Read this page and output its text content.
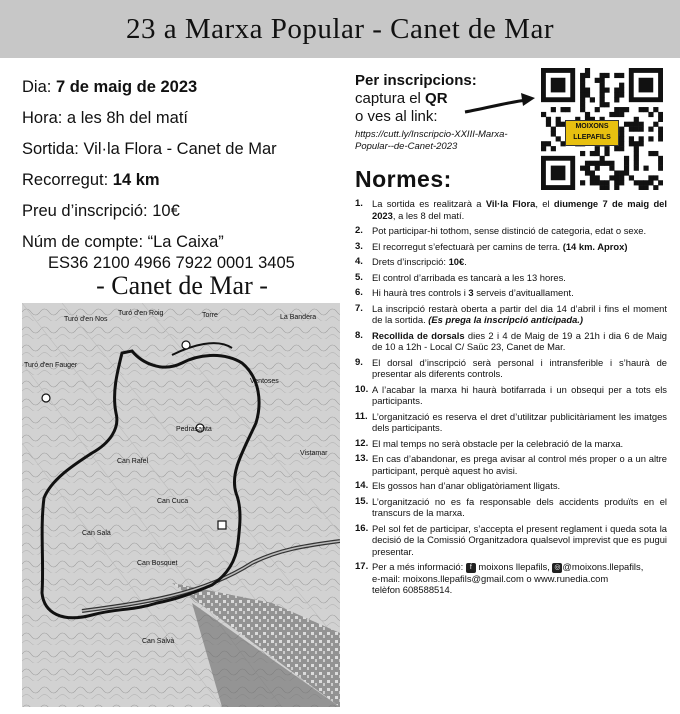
23 a Marxa Popular - Canet de Mar
Dia: 7 de maig de 2023
Hora: a les 8h del matí
Sortida: Vil·la Flora - Canet de Mar
Recorregut: 14 km
Preu d’inscripció: 10€
Núm de compte: “La Caixa”
ES36 2100 4966 7922 0001 3405
- Canet de Mar -
Turó d'en Nos
Turó d'en Roig	Torre	La Bandera
Turó d'en Fauger
Pedrasanta
Vistamar
Can Cuca
Can Rafel
Can Bosquet
Can Sala
Ventoses
Can Salvà
Per inscripcions:
captura el QR
o ves al link:
https://cutt.ly/Inscripcio-XXIII-Marxa-Popular--de-Canet-2023
MOIXONS LLEPAFILS
Normes:
1. La sortida es realitzarà a Vil·la Flora, el diumenge 7 de maig del 2023, a les 8 del matí.
2. Pot participar-hi tothom, sense distinció de categoria, edat o sexe.
3. El recorregut s’efectuarà per camins de terra. (14 km. Aprox)
4. Drets d’inscripció: 10€.
5. El control d’arribada es tancarà a les 13 hores.
6. Hi haurà tres controls i 3 serveis d’avituallament.
7. La inscripció restarà oberta a partir del dia 14 d’abril i fins el moment de la sortida. (Es prega la inscripció anticipada.)
8. Recollida de dorsals dies 2 i 4 de Maig de 19 a 21h i dia 6 de Maig de 10 a 12h - Local C/ Saüc 23, Canet de Mar.
9. El dorsal d’inscripció serà personal i intransferible i s’haurà de presentar als diferents controls.
10. A l’acabar la marxa hi haurà botifarrada i un obsequi per a tots els participants.
11. L’organització es reserva el dret d’utilitzar publicitàriament les imatges dels participants.
12. El mal temps no serà obstacle per la celebració de la marxa.
13. En cas d’abandonar, es prega avisar al control més proper o a un altre participant, perquè aquest ho avisi.
14. Els gossos han d’anar obligatòriament lligats.
15. L’organització no es fa responsable dels accidents produïts en el transcurs de la marxa.
16. Pel sol fet de participar, s’accepta el present reglament i queda sota la decisió de la Comissió Organitzadora qualsevol imprevist que es pugui presentar.
17. Per a més informació: f moixons llepafils, ◎ @moixons.llepafils,
e-mail: moixons.llepafils@gmail.com o www.runedia.com
telèfon 608588514.
